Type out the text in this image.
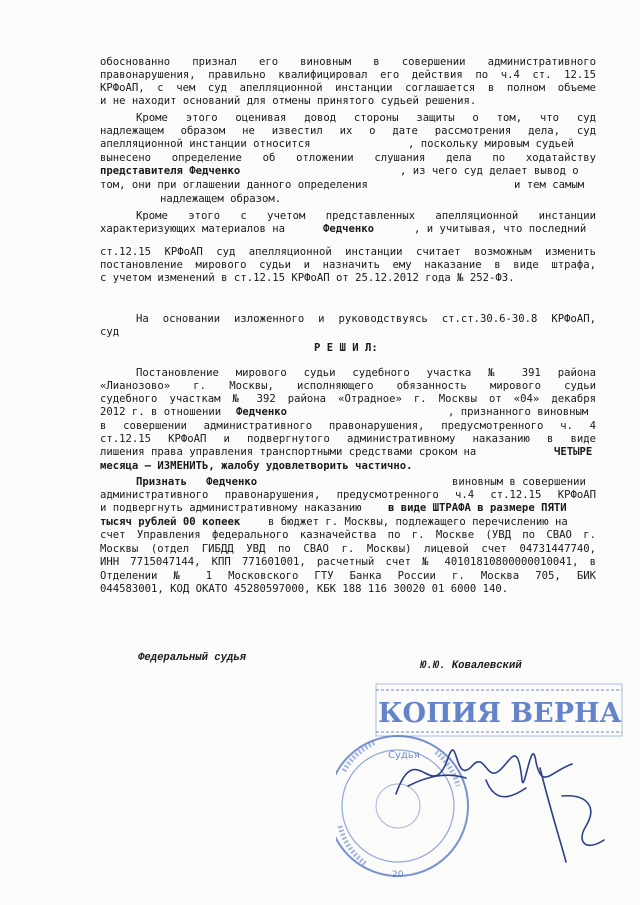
обоснованно признал его виновным в совершении административного
правонарушения, правильно квалифицировал его действия по ч.4 ст. 12.15
КРФоАП, с чем суд апелляционной инстанции соглашается в полном объеме
и не находит оснований для отмены принятого судьей решения.
Кроме этого оценивая довод стороны защиты о том, что суд
надлежащем образом не известил их о дате рассмотрения дела, суд
апелляционной инстанции относится	, поскольку мировым судьей
вынесено определение об отложении слушания дела по ходатайству
представителя Федченко	, из чего суд делает вывод о
том, они при оглашении данного определения	и тем самым
надлежащем образом.
Кроме этого с учетом представленных апелляционной инстанции
характеризующих материалов на	Федченко	, и учитывая, что последний
ст.12.15 КРФоАП суд апелляционной инстанции считает возможным изменить
постановление мирового судьи и назначить ему наказание в виде штрафа,
с учетом изменений в ст.12.15 КРФоАП от 25.12.2012 года № 252-ФЗ.
На основании изложенного и руководствуясь ст.ст.30.6-30.8 КРФоАП,
суд
Р Е Ш И Л:
Постановление мирового судьи судебного участка № 391 района
«Лианозово» г. Москвы, исполняющего обязанность мирового судьи
судебного участкам № 392 района «Отрадное» г. Москвы от «04» декабря
2012 г. в отношении Федченко	, признанного виновным
в совершении административного правонарушения, предусмотренного ч. 4
ст.12.15 КРФоАП и подвергнутого административному наказанию в виде
лишения права управления транспортными средствами сроком на	ЧЕТЫРЕ
месяца – ИЗМЕНИТЬ, жалобу удовлетворить частично.
Признать   Федченко	виновным в совершении
административного правонарушения, предусмотренного ч.4 ст.12.15 КРФоАП
и подвергнуть административному наказанию	в виде ШТРАФА в размере ПЯТИ
тысяч рублей 00 копеек	в бюджет г. Москвы, подлежащего перечислению на
счет Управления федерального казначейства по г. Москве (УВД по СВАО г.
Москвы (отдел ГИБДД УВД по СВАО г. Москвы) лицевой счет 04731447740,
ИНН 7715047144, КПП 771601001, расчетный счет № 40101810800000010041, в
Отделении № 1 Московского ГТУ Банка России г. Москва 705, БИК
044583001, КОД ОКАТО 45280597000, КБК 188 116 30020 01 6000 140.
Федеральный судья
Ю.Ю. Ковалевский
20
КОПИЯ ВЕРНА
Судья
